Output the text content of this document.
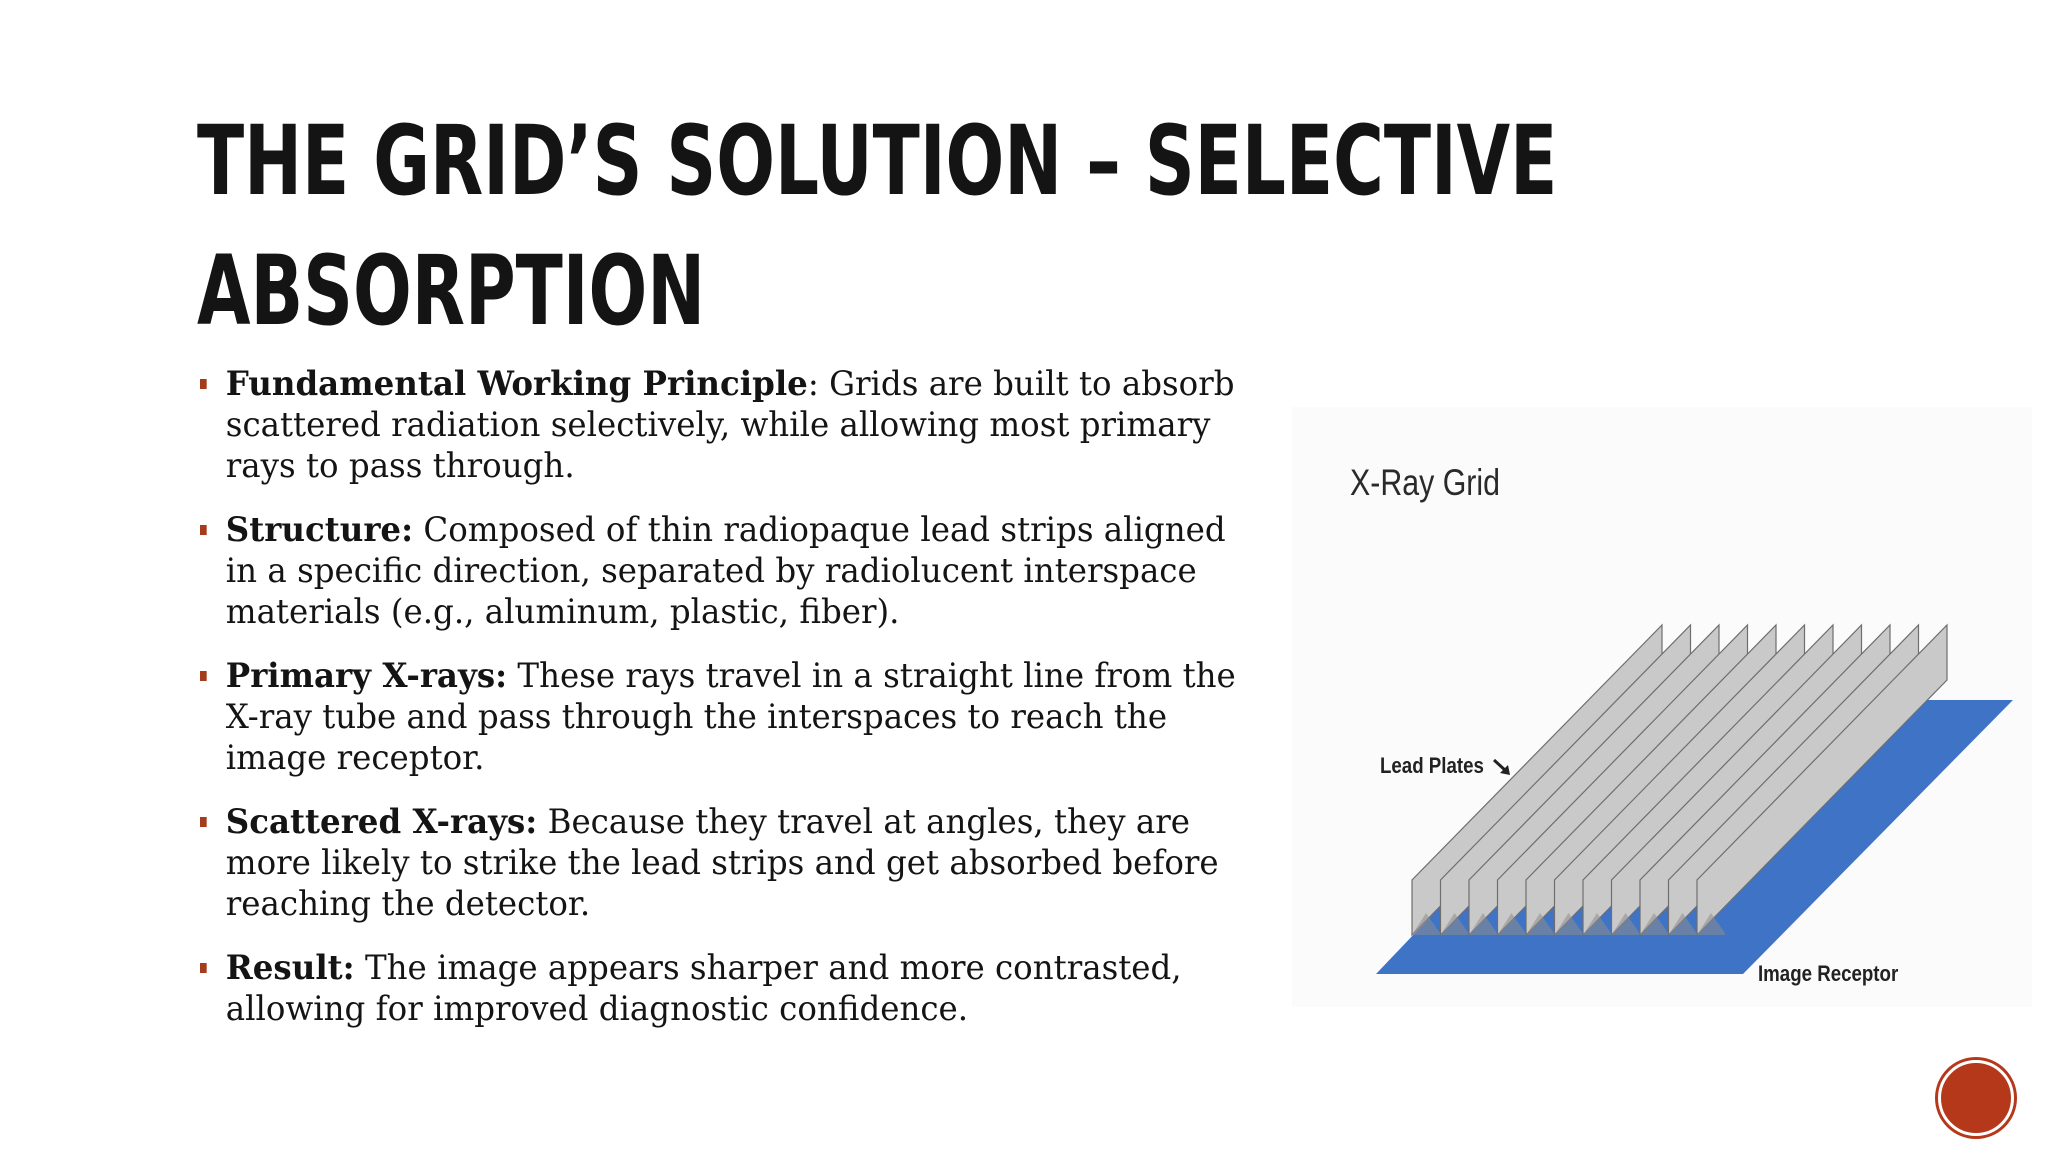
THE GRID’S SOLUTION – SELECTIVE
ABSORPTION
Fundamental Working Principle: Grids are built to absorb
scattered radiation selectively, while allowing most primary
rays to pass through.
Structure: Composed of thin radiopaque lead strips aligned
in a specific direction, separated by radiolucent interspace
materials (e.g., aluminum, plastic, fiber).
Primary X-rays: These rays travel in a straight line from the
X-ray tube and pass through the interspaces to reach the
image receptor.
Scattered X-rays: Because they travel at angles, they are
more likely to strike the lead strips and get absorbed before
reaching the detector.
Result: The image appears sharper and more contrasted,
allowing for improved diagnostic confidence.
X-Ray Grid
Lead Plates
Image Receptor
